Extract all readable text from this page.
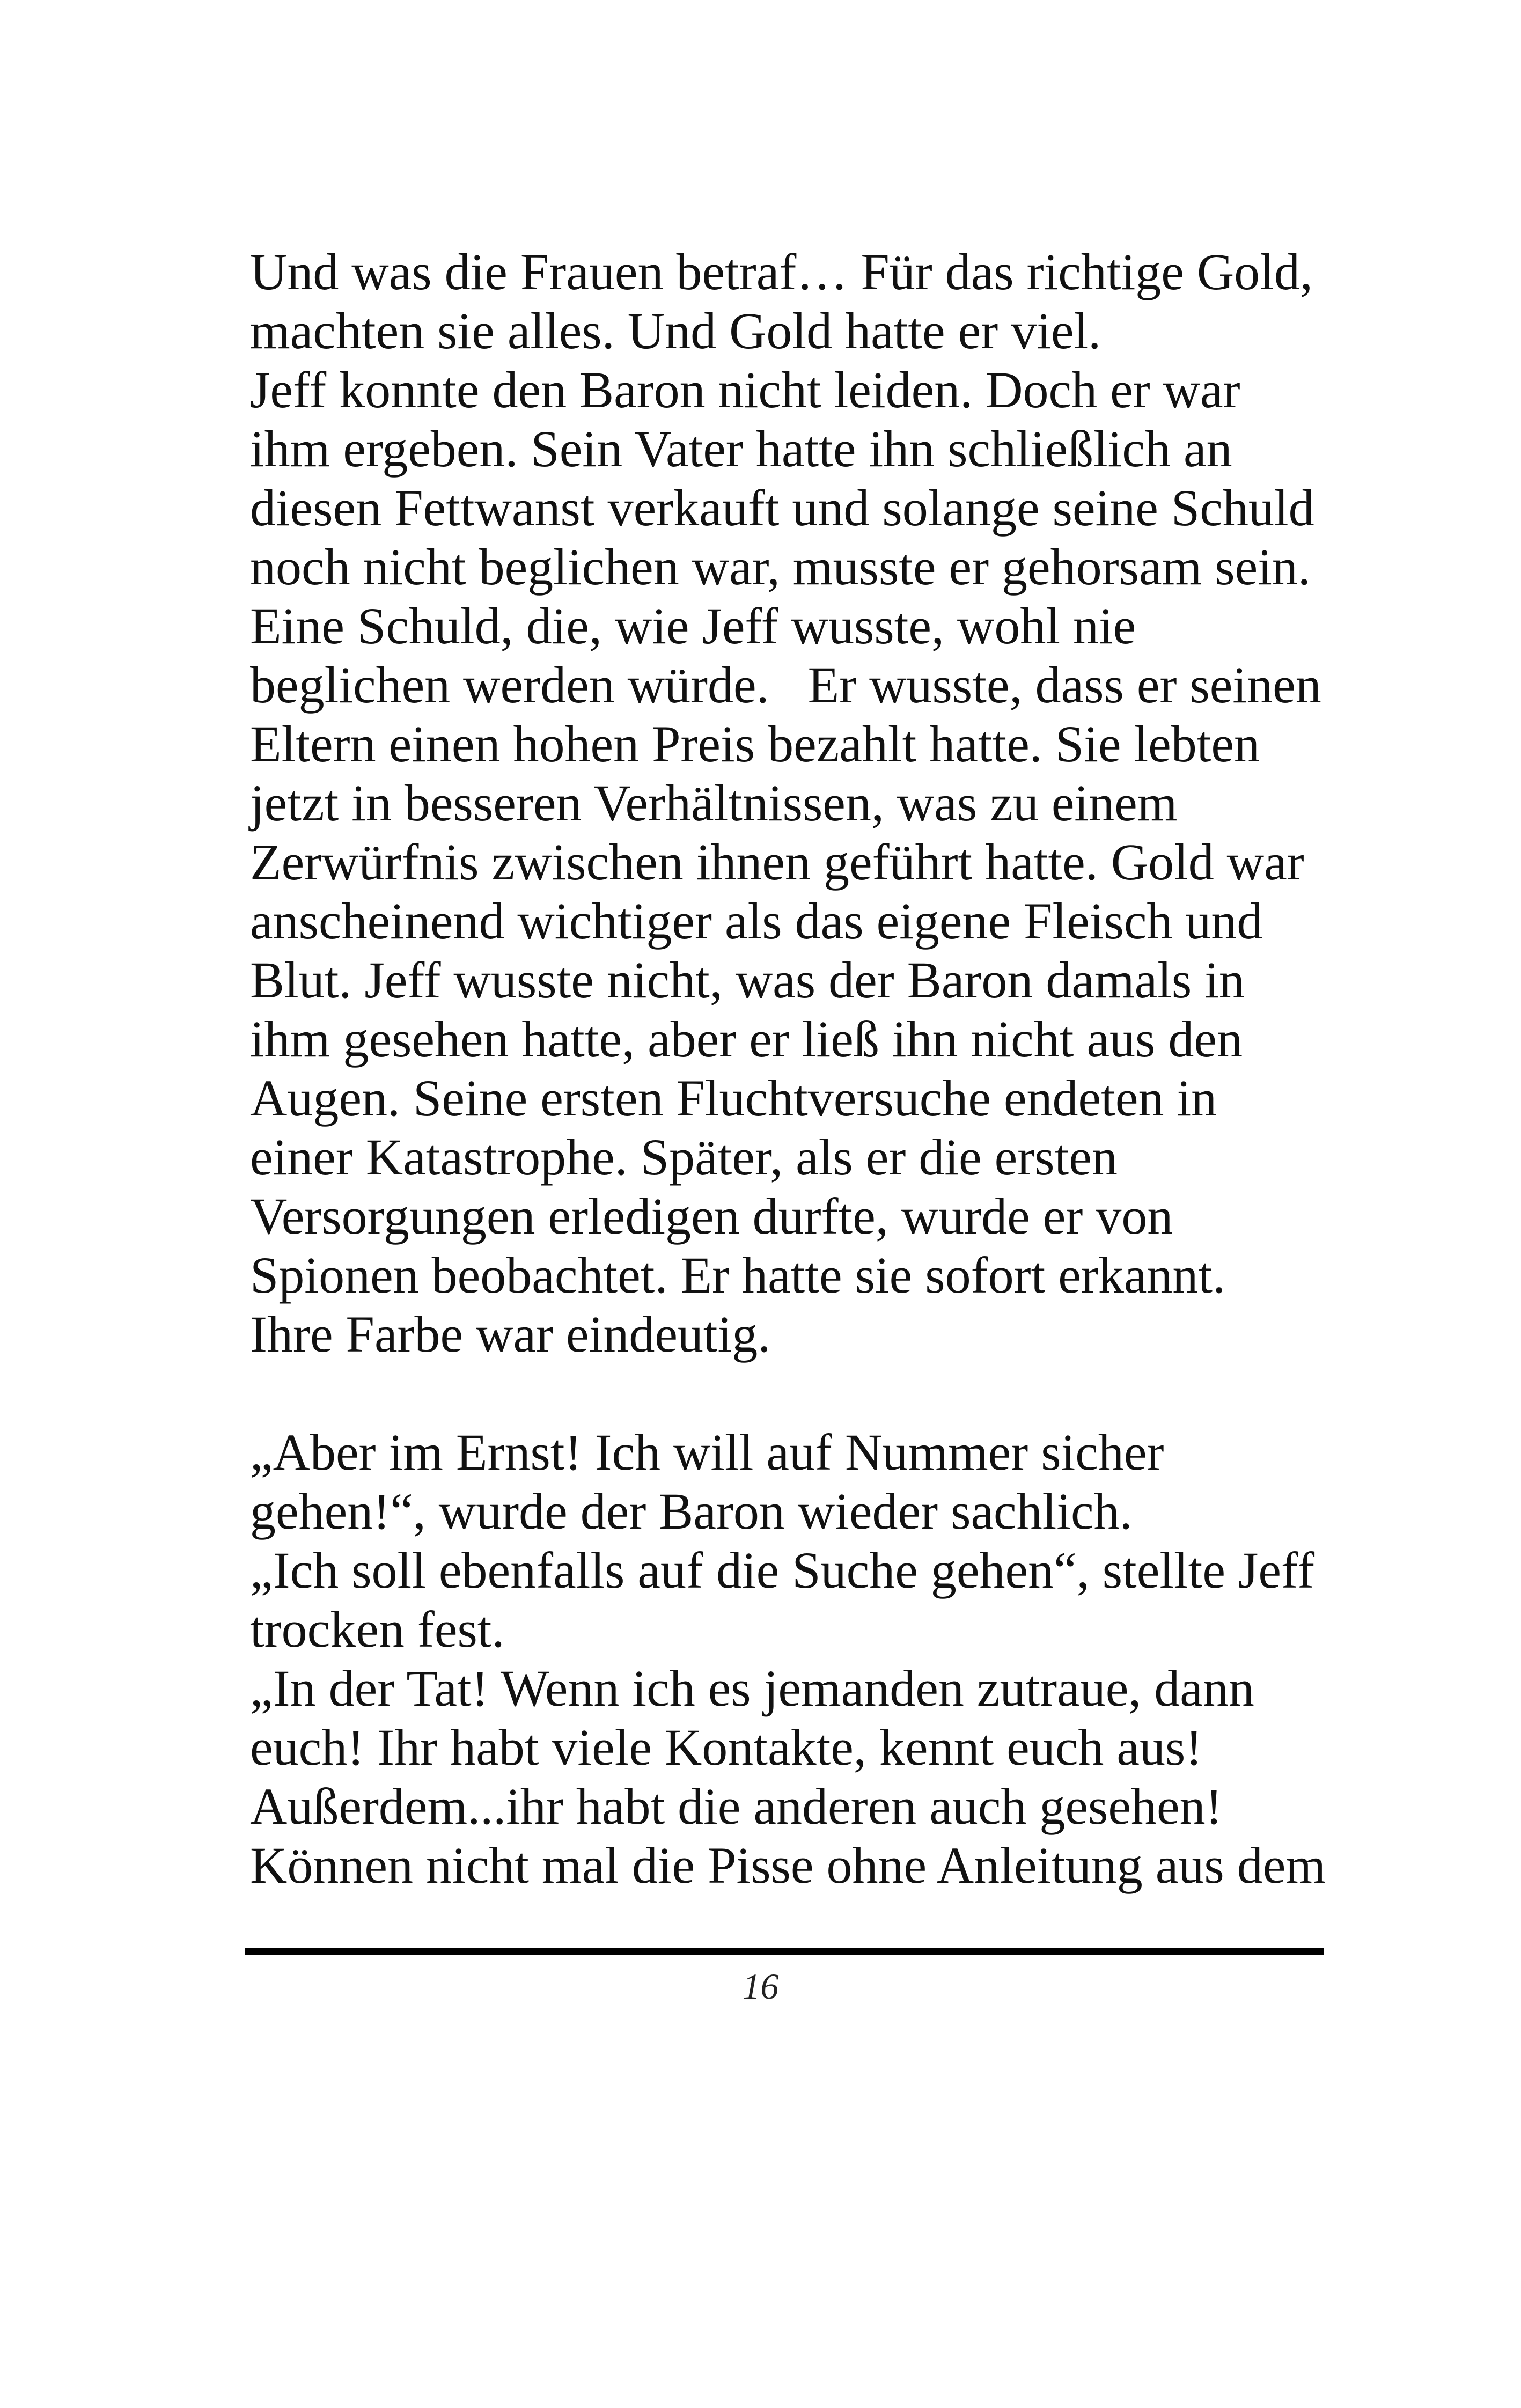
Und was die Frauen betraf… Für das richtige Gold,
machten sie alles. Und Gold hatte er viel.
Jeff konnte den Baron nicht leiden. Doch er war
ihm ergeben. Sein Vater hatte ihn schließlich an
diesen Fettwanst verkauft und solange seine Schuld
noch nicht beglichen war, musste er gehorsam sein.
Eine Schuld, die, wie Jeff wusste, wohl nie
beglichen werden würde.   Er wusste, dass er seinen
Eltern einen hohen Preis bezahlt hatte. Sie lebten
jetzt in besseren Verhältnissen, was zu einem
Zerwürfnis zwischen ihnen geführt hatte. Gold war
anscheinend wichtiger als das eigene Fleisch und
Blut. Jeff wusste nicht, was der Baron damals in
ihm gesehen hatte, aber er ließ ihn nicht aus den
Augen. Seine ersten Fluchtversuche endeten in
einer Katastrophe. Später, als er die ersten
Versorgungen erledigen durfte, wurde er von
Spionen beobachtet. Er hatte sie sofort erkannt.
Ihre Farbe war eindeutig.
„Aber im Ernst! Ich will auf Nummer sicher
gehen!“, wurde der Baron wieder sachlich.
„Ich soll ebenfalls auf die Suche gehen“, stellte Jeff
trocken fest.
„In der Tat! Wenn ich es jemanden zutraue, dann
euch! Ihr habt viele Kontakte, kennt euch aus!
Außerdem...ihr habt die anderen auch gesehen!
Können nicht mal die Pisse ohne Anleitung aus dem
16
